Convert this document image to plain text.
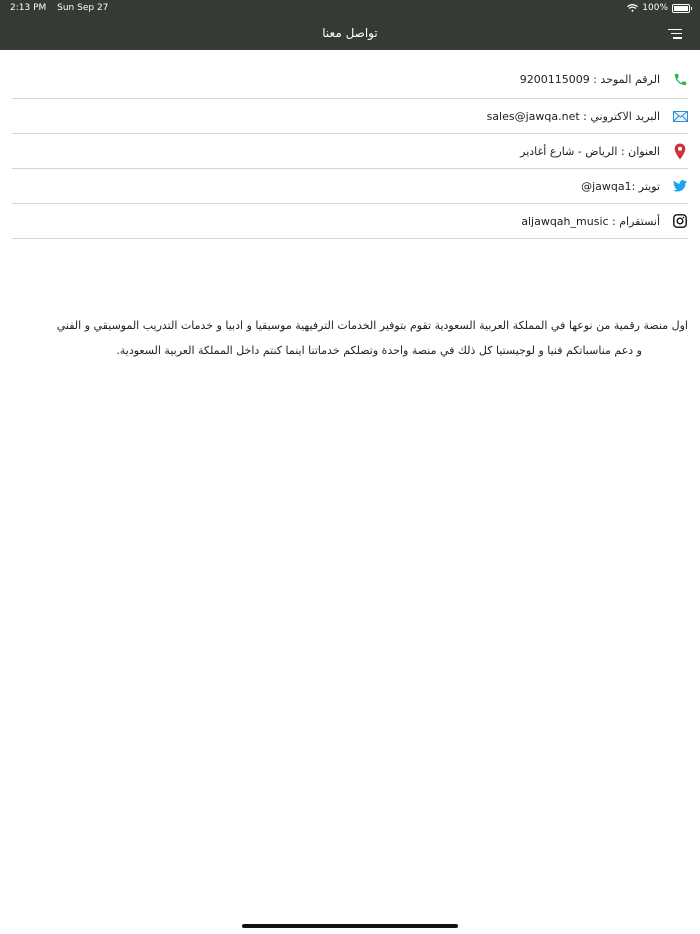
2:13 PM Sun Sep 27	100%
تواصل معنا
الرقم الموحد : 9200115009
البريد الاكتروني : sales@jawqa.net
العنوان : الرياض - شارع أغادير
تويتر :jawqa1@
أنستقرام : aljawqah_music
اول منصة رقمية من نوعها في المملكة العربية السعودية تقوم بتوفير الخدمات الترفيهية موسيقيا و ادبيا و خدمات التدريب الموسيقي و الفني
و دعم مناسباتكم فنيا و لوجيستيا كل ذلك في منصة واحدة وتصلكم خدماتنا اينما كنتم داخل المملكة العربية السعودية.
